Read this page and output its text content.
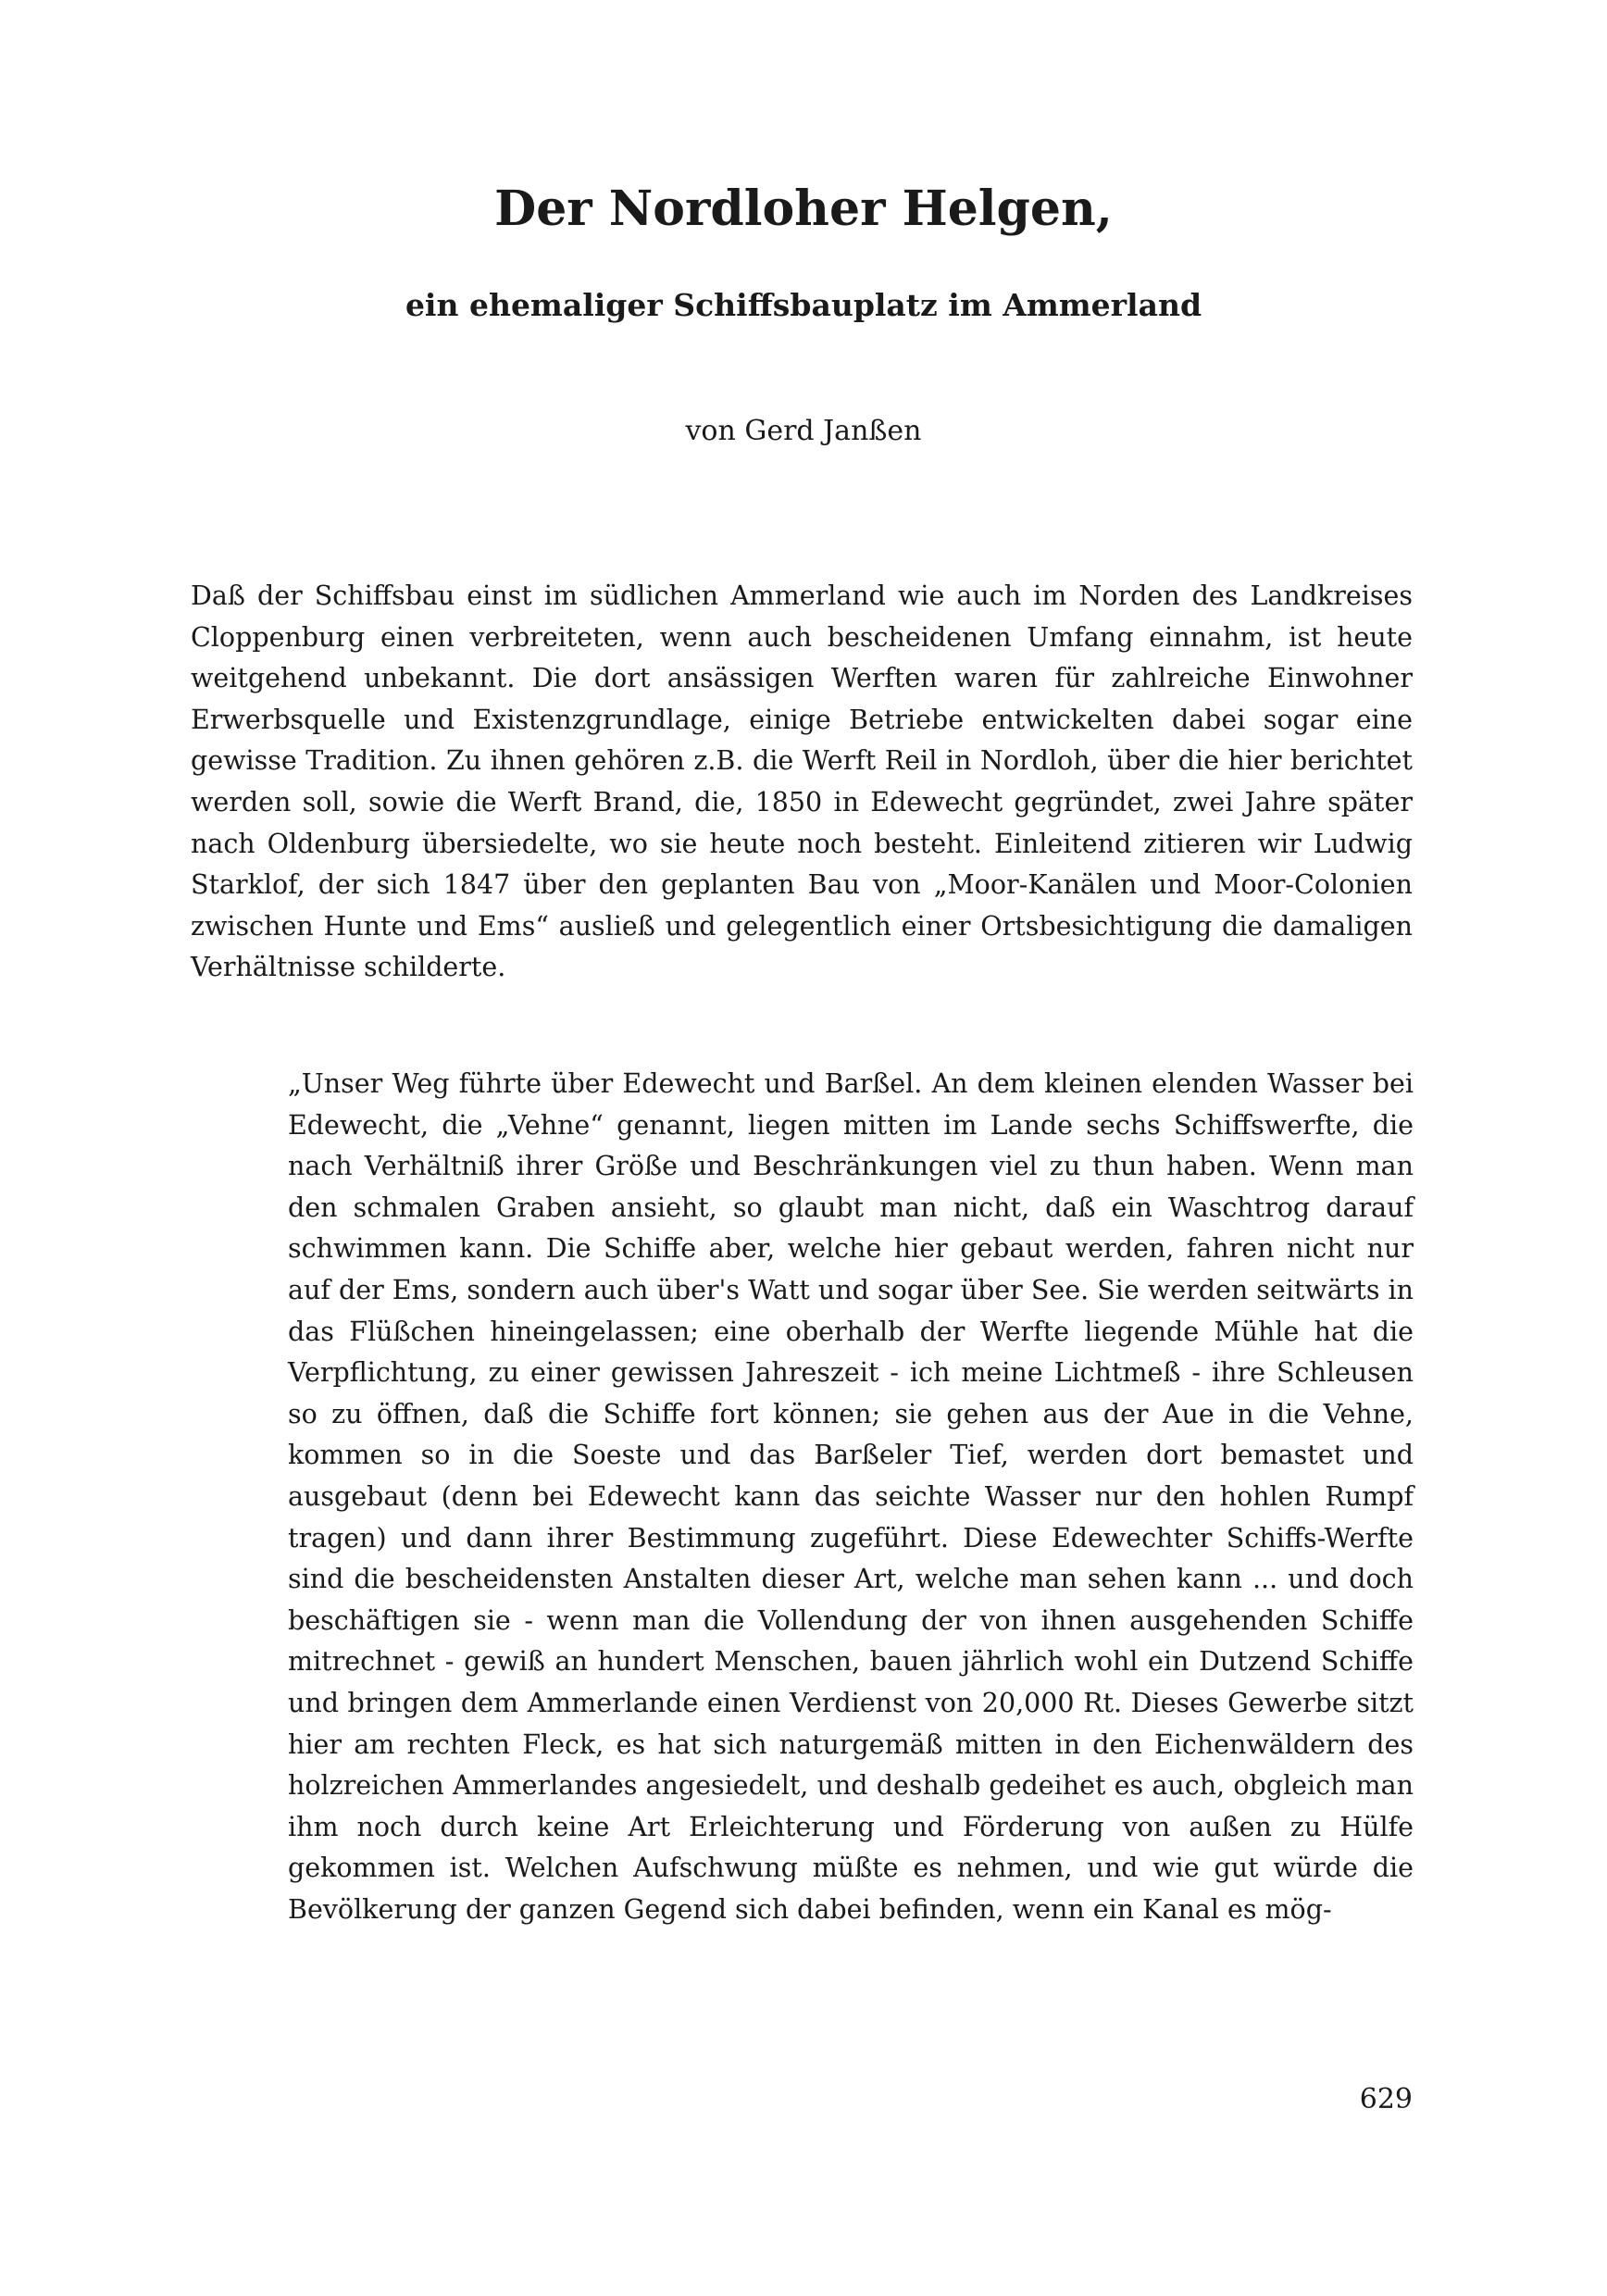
Der Nordloher Helgen,
ein ehemaliger Schiffsbauplatz im Ammerland

von Gerd Janßen

Daß der Schiffsbau einst im südlichen Ammerland wie auch im Norden des Landkreises Cloppenburg einen verbreiteten, wenn auch bescheidenen Umfang einnahm, ist heute weitgehend unbekannt. Die dort ansässigen Werften waren für zahlreiche Einwohner Erwerbsquelle und Existenzgrundlage, einige Betriebe entwickelten dabei sogar eine gewisse Tradition. Zu ihnen gehören z.B. die Werft Reil in Nordloh, über die hier berichtet werden soll, sowie die Werft Brand, die, 1850 in Edewecht gegründet, zwei Jahre später nach Oldenburg übersiedelte, wo sie heute noch besteht. Einleitend zitieren wir Ludwig Starklof, der sich 1847 über den geplanten Bau von „Moor-Kanälen und Moor-Colonien zwischen Hunte und Ems“ ausließ und gelegentlich einer Ortsbesichtigung die damaligen Verhältnisse schilderte.

„Unser Weg führte über Edewecht und Barßel. An dem kleinen elenden Wasser bei Edewecht, die „Vehne“ genannt, liegen mitten im Lande sechs Schiffswerfte, die nach Verhältniß ihrer Größe und Beschränkungen viel zu thun haben. Wenn man den schmalen Graben ansieht, so glaubt man nicht, daß ein Waschtrog darauf schwimmen kann. Die Schiffe aber, welche hier gebaut werden, fahren nicht nur auf der Ems, sondern auch über's Watt und sogar über See. Sie werden seitwärts in das Flüßchen hineingelassen; eine oberhalb der Werfte liegende Mühle hat die Verpflichtung, zu einer gewissen Jahreszeit - ich meine Lichtmeß - ihre Schleusen so zu öffnen, daß die Schiffe fort können; sie gehen aus der Aue in die Vehne, kommen so in die Soeste und das Barßeler Tief, werden dort bemastet und ausgebaut (denn bei Edewecht kann das seichte Wasser nur den hohlen Rumpf tragen) und dann ihrer Bestimmung zugeführt. Diese Edewechter Schiffs-Werfte sind die bescheidensten Anstalten dieser Art, welche man sehen kann ... und doch beschäftigen sie - wenn man die Vollendung der von ihnen ausgehenden Schiffe mitrechnet - gewiß an hundert Menschen, bauen jährlich wohl ein Dutzend Schiffe und bringen dem Ammerlande einen Verdienst von 20,000 Rt. Dieses Gewerbe sitzt hier am rechten Fleck, es hat sich naturgemäß mitten in den Eichenwäldern des holzreichen Ammerlandes angesiedelt, und deshalb gedeihet es auch, obgleich man ihm noch durch keine Art Erleichterung und Förderung von außen zu Hülfe gekommen ist. Welchen Aufschwung müßte es nehmen, und wie gut würde die Bevölkerung der ganzen Gegend sich dabei befinden, wenn ein Kanal es mög-

629
